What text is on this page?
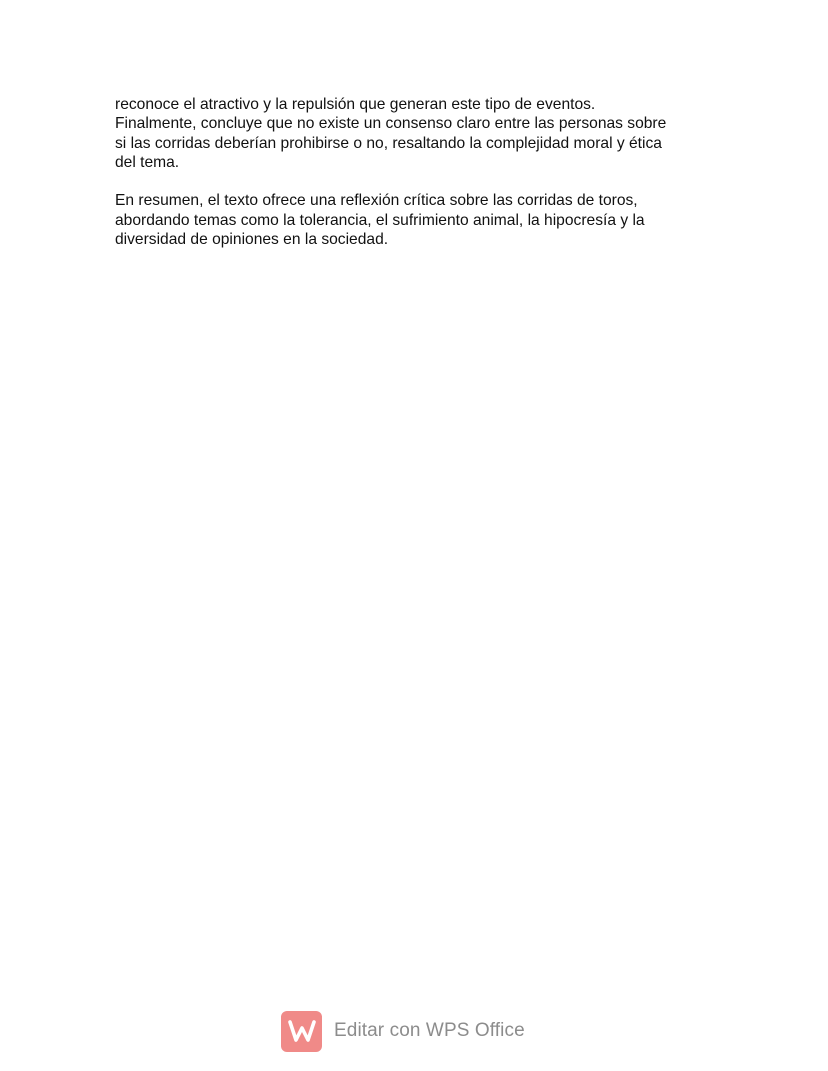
reconoce el atractivo y la repulsión que generan este tipo de eventos.
Finalmente, concluye que no existe un consenso claro entre las personas sobre
si las corridas deberían prohibirse o no, resaltando la complejidad moral y ética
del tema.

En resumen, el texto ofrece una reflexión crítica sobre las corridas de toros,
abordando temas como la tolerancia, el sufrimiento animal, la hipocresía y la
diversidad de opiniones en la sociedad.

Editar con WPS Office
